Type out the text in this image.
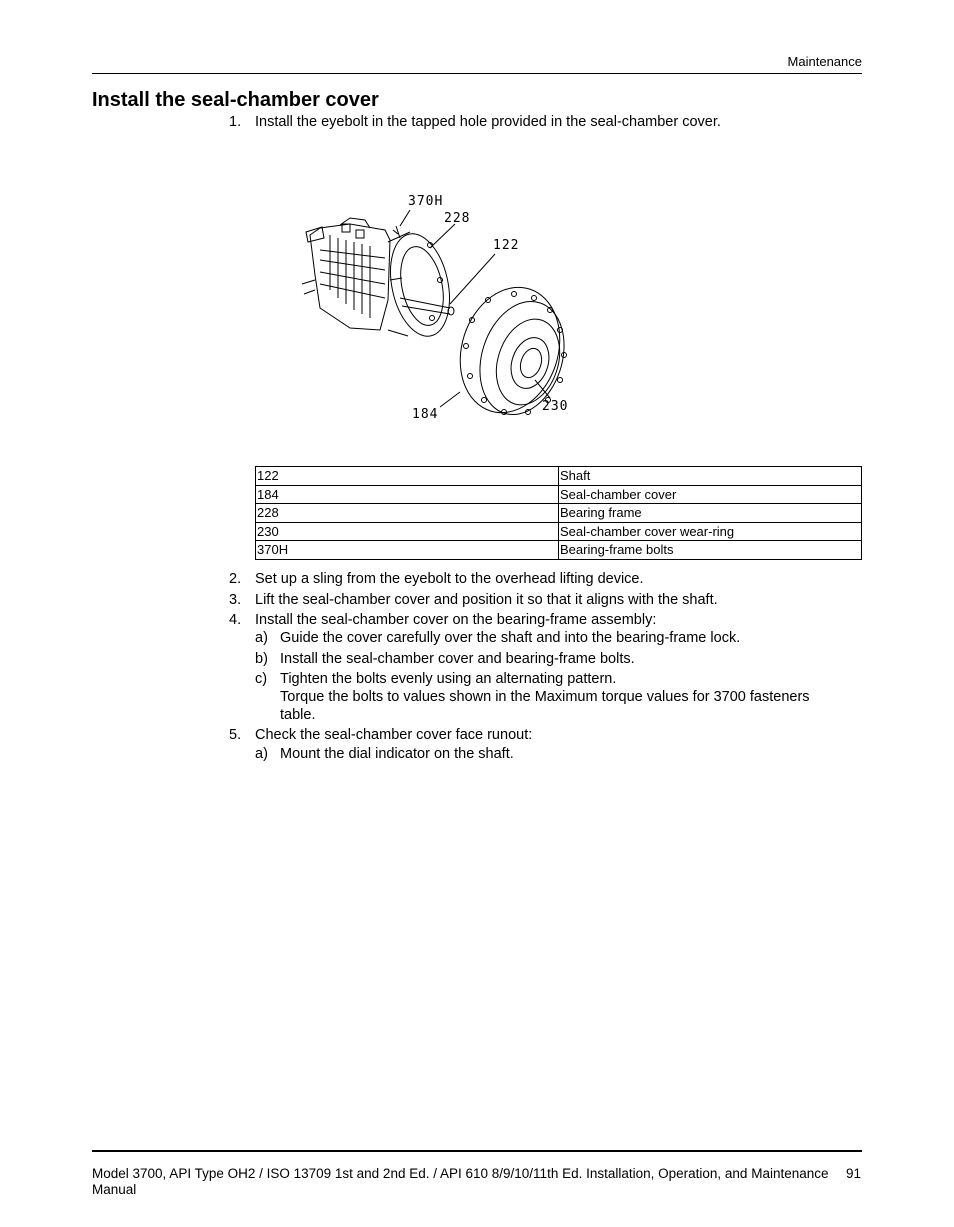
Maintenance
Install the seal-chamber cover
1. Install the eyebolt in the tapped hole provided in the seal-chamber cover.
370H
228
122
184
230
122	Shaft
184	Seal-chamber cover
228	Bearing frame
230	Seal-chamber cover wear-ring
370H	Bearing-frame bolts
2. Set up a sling from the eyebolt to the overhead lifting device.
3. Lift the seal-chamber cover and position it so that it aligns with the shaft.
4. Install the seal-chamber cover on the bearing-frame assembly:
a) Guide the cover carefully over the shaft and into the bearing-frame lock.
b) Install the seal-chamber cover and bearing-frame bolts.
c) Tighten the bolts evenly using an alternating pattern.
Torque the bolts to values shown in the Maximum torque values for 3700 fasteners
table.
5. Check the seal-chamber cover face runout:
a) Mount the dial indicator on the shaft.
Model 3700, API Type OH2 / ISO 13709 1st and 2nd Ed. / API 610 8/9/10/11th Ed. Installation, Operation, and Maintenance
Manual
91
